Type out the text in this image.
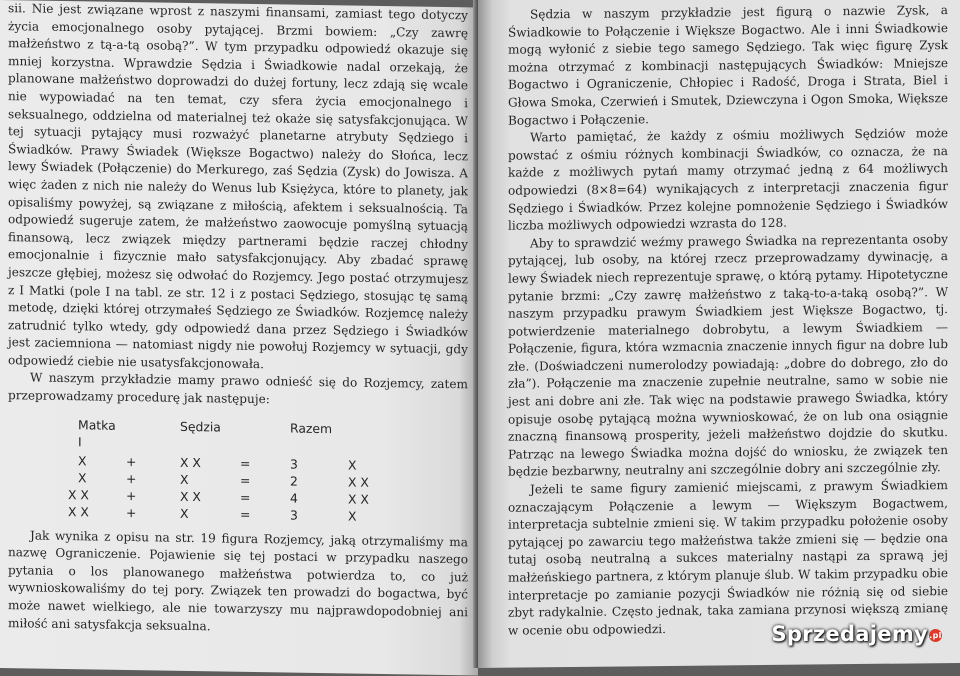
sii. Nie jest związane wprost z naszymi finansami, zamiast tego dotyczy życia emocjonalnego osoby pytającej. Brzmi bowiem: „Czy zawrę małżeństwo z tą-a-tą osobą?”. W tym przypadku odpowiedź okazuje się mniej korzystna. Wprawdzie Sędzia i Świadkowie nadal orzekają, że planowane małżeństwo doprowadzi do dużej fortuny, lecz zdają się wcale nie wypowiadać na ten temat, czy sfera życia emocjonalnego i seksualnego, oddzielna od materialnej też okaże się satysfakcjonująca. W tej sytuacji pytający musi rozważyć planetarne atrybuty Sędziego i Świadków. Prawy Świadek (Większe Bogactwo) należy do Słońca, lecz lewy Świadek (Połączenie) do Merkurego, zaś Sędzia (Zysk) do Jowisza. A więc żaden z nich nie należy do Wenus lub Księżyca, które to planety, jak opisaliśmy powyżej, są związane z miłością, afektem i seksualnością. Ta odpowiedź sugeruje zatem, że małżeństwo zaowocuje pomyślną sytuacją finansową, lecz związek między partnerami będzie raczej chłodny emocjonalnie i fizycznie mało satysfakcjonujący. Aby zbadać sprawę jeszcze głębiej, możesz się odwołać do Rozjemcy. Jego postać otrzymujesz z I Matki (pole I na tabl. ze str. 12 i z postaci Sędziego, stosując tę samą metodę, dzięki której otrzymałeś Sędziego ze Świadków. Rozjemcę należy zatrudnić tylko wtedy, gdy odpowiedź dana przez Sędziego i Świadków jest zaciemniona — natomiast nigdy nie powołuj Rozjemcy w sytuacji, gdy odpowiedź ciebie nie usatysfakcjonowała.

W naszym przykładzie mamy prawo odnieść się do Rozjemcy, zatem przeprowadzamy procedurę jak następuje:

Matka I
Sędzia	Razem
X	+	X X	=	3	X
X	+	X	=	2	X X
X X	+	X X	=	4	X X
X X	+	X	=	3	X

Jak wynika z opisu na str. 19 figura Rozjemcy, jaką otrzymaliśmy ma nazwę Ograniczenie. Pojawienie się tej postaci w przypadku naszego pytania o los planowanego małżeństwa potwierdza to, co już wywnioskowaliśmy do tej pory. Związek ten prowadzi do bogactwa, być może nawet wielkiego, ale nie towarzyszy mu najprawdopodobniej ani miłość ani satysfakcja seksualna.

Sędzia w naszym przykładzie jest figurą o nazwie Zysk, a Świadkowie to Połączenie i Większe Bogactwo. Ale i inni Świadkowie mogą wyłonić z siebie tego samego Sędziego. Tak więc figurę Zysk można otrzymać z kombinacji następujących Świadków: Mniejsze Bogactwo i Ograniczenie, Chłopiec i Radość, Droga i Strata, Biel i Głowa Smoka, Czerwień i Smutek, Dziewczyna i Ogon Smoka, Większe Bogactwo i Połączenie.

Warto pamiętać, że każdy z ośmiu możliwych Sędziów może powstać z ośmiu różnych kombinacji Świadków, co oznacza, że na każde z możliwych pytań mamy otrzymać jedną z 64 możliwych odpowiedzi (8×8=64) wynikających z interpretacji znaczenia figur Sędziego i Świadków. Przez kolejne pomnożenie Sędziego i Świadków liczba możliwych odpowiedzi wzrasta do 128.

Aby to sprawdzić weźmy prawego Świadka na reprezentanta osoby pytającej, lub osoby, na której rzecz przeprowadzamy dywinację, a lewy Świadek niech reprezentuje sprawę, o którą pytamy. Hipotetyczne pytanie brzmi: „Czy zawrę małżeństwo z taką-to-a-taką osobą?”. W naszym przypadku prawym Świadkiem jest Większe Bogactwo, tj. potwierdzenie materialnego dobrobytu, a lewym Świadkiem — Połączenie, figura, która wzmacnia znaczenie innych figur na dobre lub złe. (Doświadczeni numerolodzy powiadają: „dobre do dobrego, zło do zła”). Połączenie ma znaczenie zupełnie neutralne, samo w sobie nie jest ani dobre ani złe. Tak więc na podstawie prawego Świadka, który opisuje osobę pytającą można wywnioskować, że on lub ona osiągnie znaczną finansową prosperity, jeżeli małżeństwo dojdzie do skutku. Patrząc na lewego Świadka można dojść do wniosku, że związek ten będzie bezbarwny, neutralny ani szczególnie dobry ani szczególnie zły.

Jeżeli te same figury zamienić miejscami, z prawym Świadkiem oznaczającym Połączenie a lewym — Większym Bogactwem, interpretacja subtelnie zmieni się. W takim przypadku położenie osoby pytającej po zawarciu tego małżeństwa także zmieni się — będzie ona tutaj osobą neutralną a sukces materialny nastąpi za sprawą jej małżeńskiego partnera, z którym planuje ślub. W takim przypadku obie interpretacje po zamianie pozycji Świadków nie różnią się od siebie zbyt radykalnie. Często jednak, taka zamiana przynosi większą zmianę w ocenie obu odpowiedzi.	Sprzedajemy.pl
